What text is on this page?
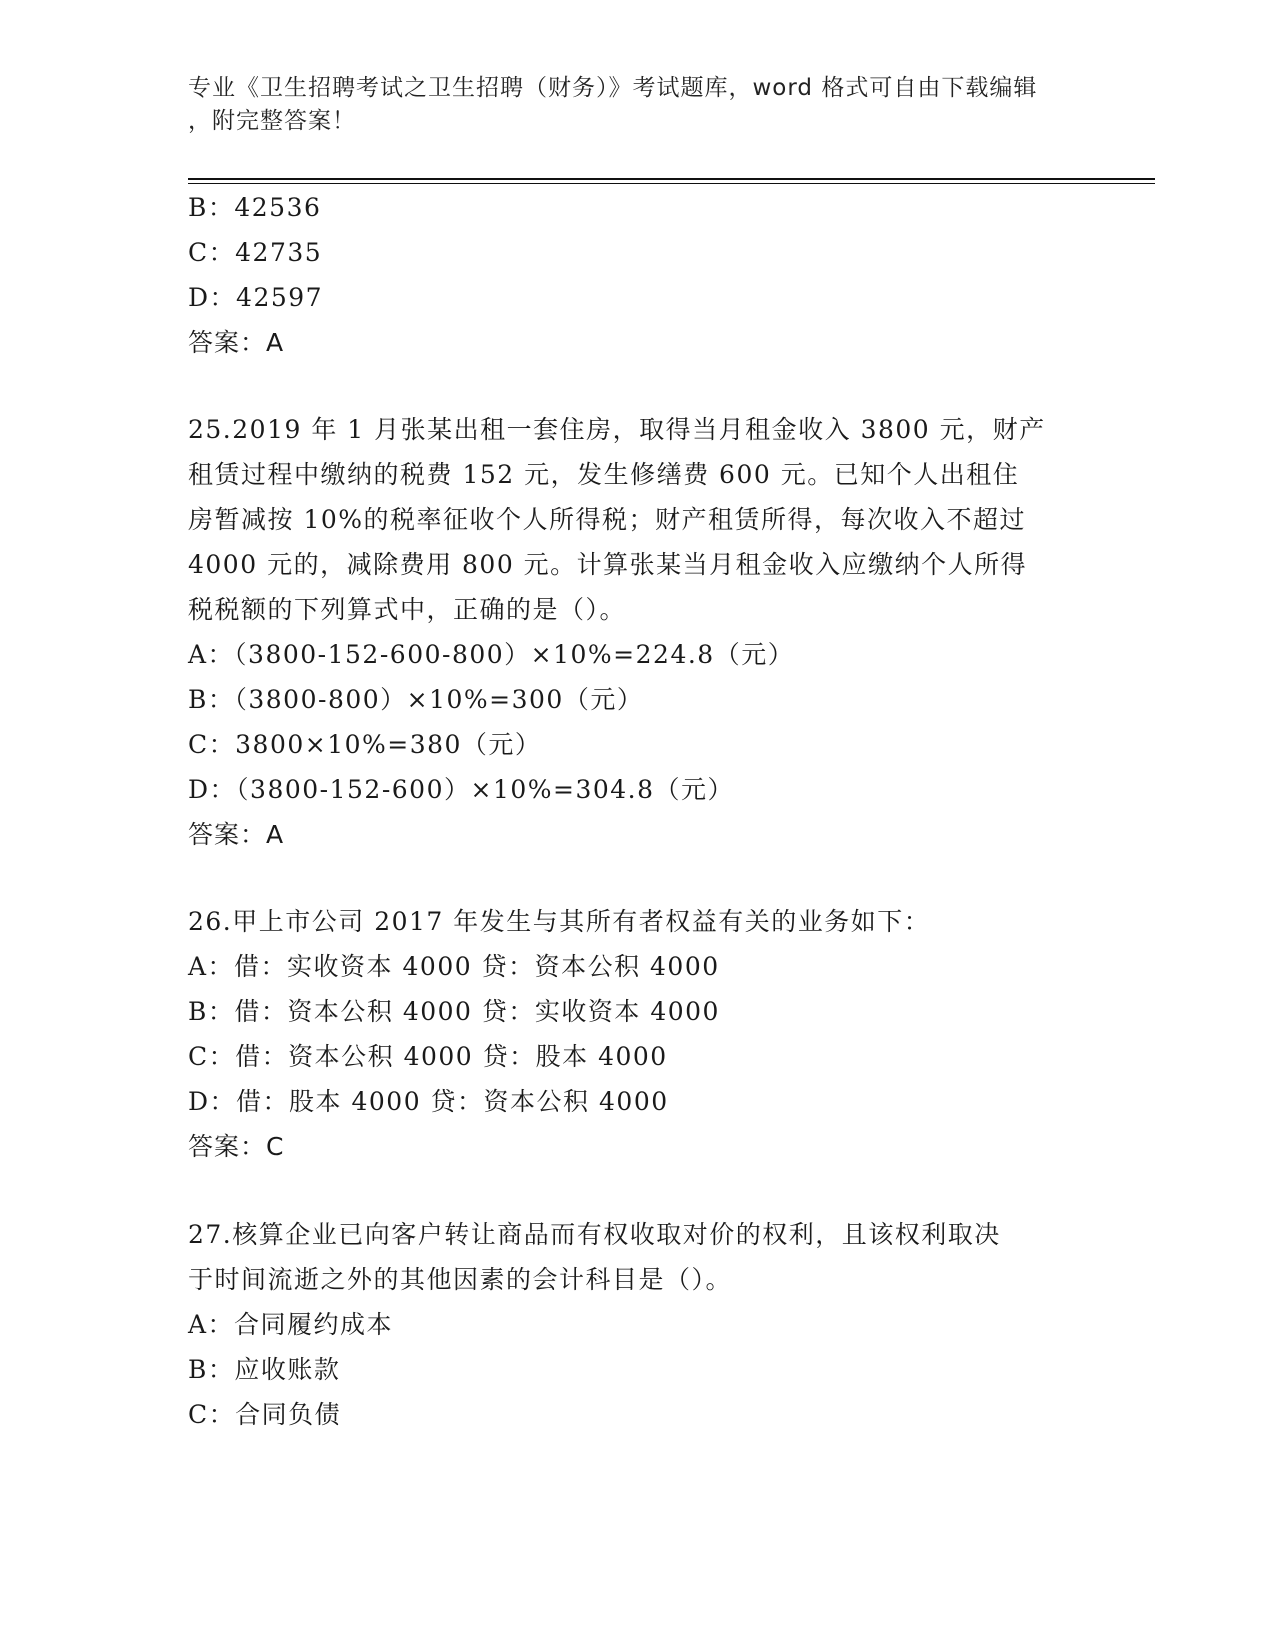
专业《卫生招聘考试之卫生招聘（财务）》考试题库，word 格式可自由下载编辑
，附完整答案！
B：42536
C：42735
D：42597
答案：A
25.2019 年 1 月张某出租一套住房，取得当月租金收入 3800 元，财产
租赁过程中缴纳的税费 152 元，发生修缮费 600 元。已知个人出租住
房暂减按 10%的税率征收个人所得税；财产租赁所得，每次收入不超过
4000 元的，减除费用 800 元。计算张某当月租金收入应缴纳个人所得
税税额的下列算式中，正确的是（）。
A：（3800-152-600-800）×10%=224.8（元）
B：（3800-800）×10%=300（元）
C：3800×10%=380（元）
D：（3800-152-600）×10%=304.8（元）
答案：A
26.甲上市公司 2017 年发生与其所有者权益有关的业务如下：
A：借：实收资本 4000 贷：资本公积 4000
B：借：资本公积 4000 贷：实收资本 4000
C：借：资本公积 4000 贷：股本 4000
D：借：股本 4000 贷：资本公积 4000
答案：C
27.核算企业已向客户转让商品而有权收取对价的权利，且该权利取决
于时间流逝之外的其他因素的会计科目是（）。
A：合同履约成本
B：应收账款
C：合同负债
